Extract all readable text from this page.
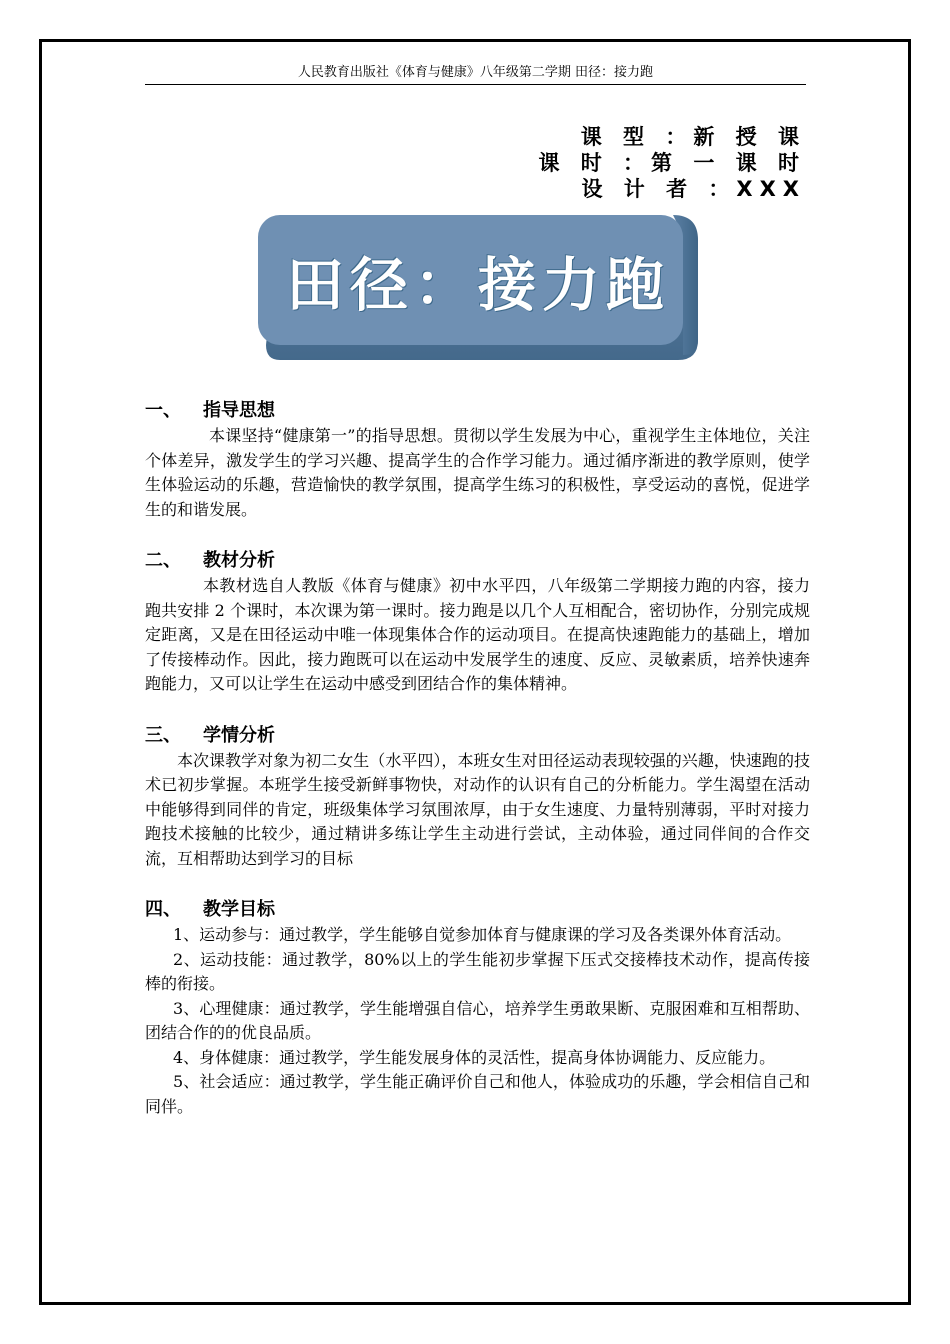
人民教育出版社《体育与健康》八年级第二学期 田径：接力跑
课 型 ：新 授 课
课 时 ：第 一 课 时
设 计 者 ：XXX
田径：接力跑
一、	指导思想

本课坚持“健康第一”的指导思想。贯彻以学生发展为中心，重视学生主体地位，关注个体差异，激发学生的学习兴趣、提高学生的合作学习能力。通过循序渐进的教学原则，使学生体验运动的乐趣，营造愉快的教学氛围，提高学生练习的积极性，享受运动的喜悦，促进学生的和谐发展。

二、	教材分析

本教材选自人教版《体育与健康》初中水平四，八年级第二学期接力跑的内容，接力跑共安排 2 个课时，本次课为第一课时。接力跑是以几个人互相配合，密切协作，分别完成规定距离，又是在田径运动中唯一体现集体合作的运动项目。在提高快速跑能力的基础上，增加了传接棒动作。因此，接力跑既可以在运动中发展学生的速度、反应、灵敏素质，培养快速奔跑能力，又可以让学生在运动中感受到团结合作的集体精神。

三、	学情分析

本次课教学对象为初二女生（水平四），本班女生对田径运动表现较强的兴趣，快速跑的技术已初步掌握。本班学生接受新鲜事物快，对动作的认识有自己的分析能力。学生渴望在活动中能够得到同伴的肯定，班级集体学习氛围浓厚，由于女生速度、力量特别薄弱，平时对接力跑技术接触的比较少，通过精讲多练让学生主动进行尝试，主动体验，通过同伴间的合作交流，互相帮助达到学习的目标

四、	教学目标

1、运动参与：通过教学，学生能够自觉参加体育与健康课的学习及各类课外体育活动。

2、运动技能：通过教学，80%以上的学生能初步掌握下压式交接棒技术动作，提高传接棒的衔接。

3、心理健康：通过教学，学生能增强自信心，培养学生勇敢果断、克服困难和互相帮助、团结合作的的优良品质。

4、身体健康：通过教学，学生能发展身体的灵活性，提高身体协调能力、反应能力。

5、社会适应：通过教学，学生能正确评价自己和他人，体验成功的乐趣，学会相信自己和同伴。
